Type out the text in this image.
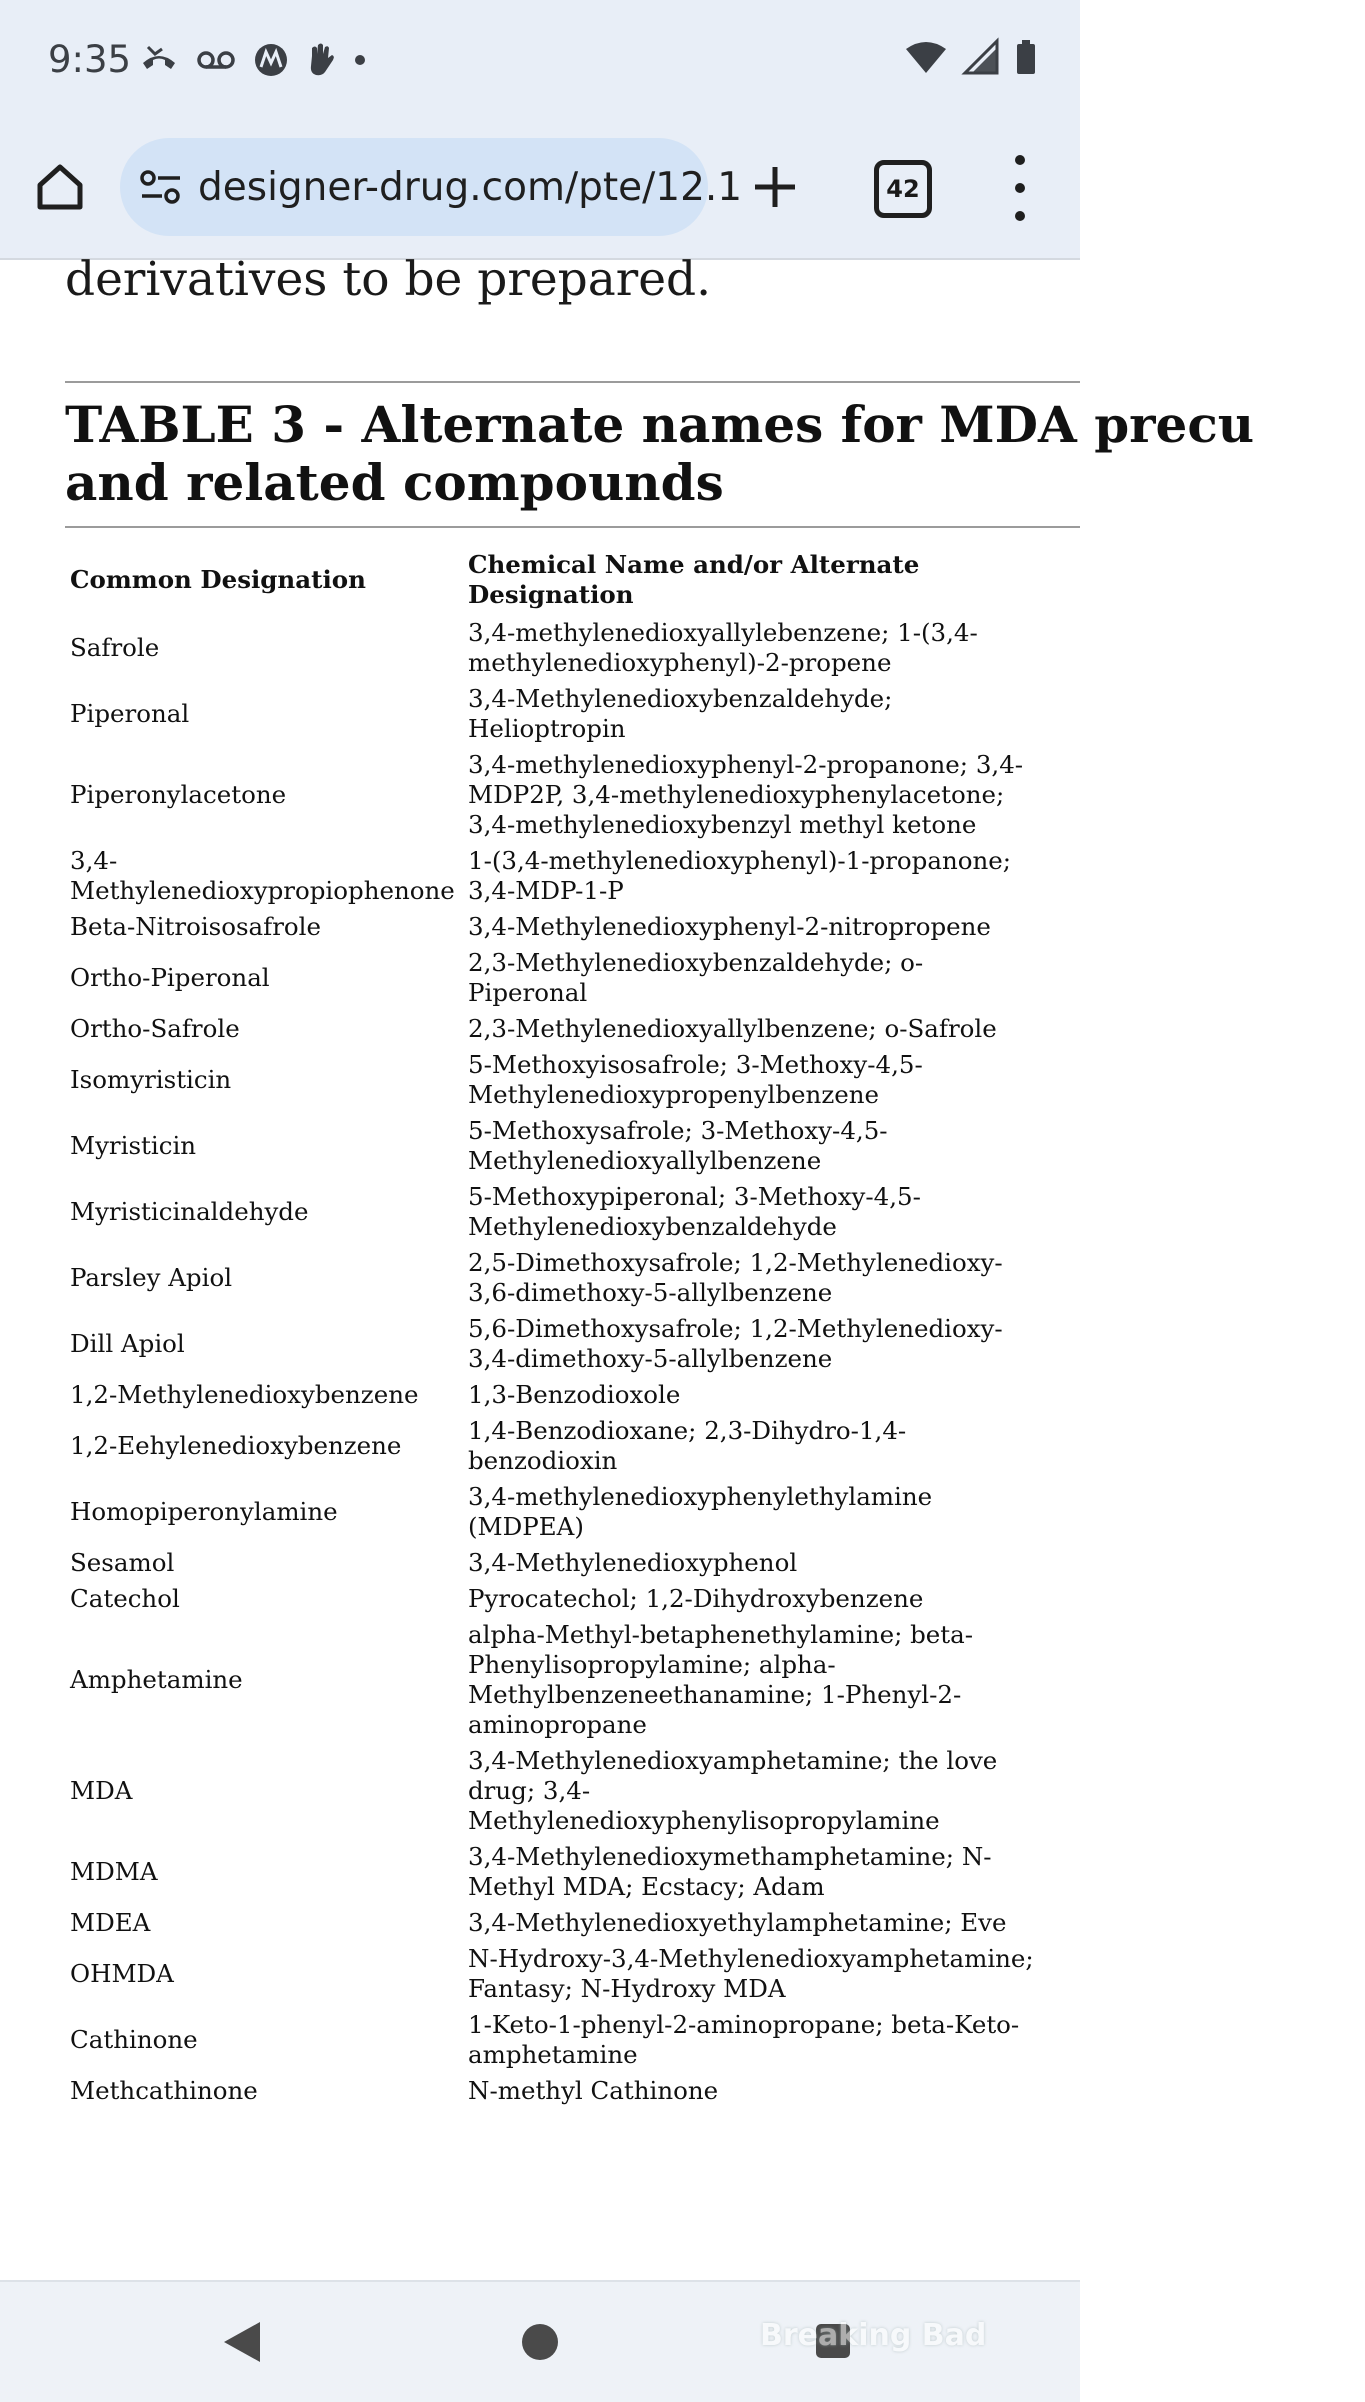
9:35
designer-drug.com/pte/12.1	42
derivatives to be prepared.
TABLE 3 - Alternate names for MDA precu
and related compounds
Common Designation	Chemical Name and/or Alternate Designation
Safrole	3,4-methylenedioxyallylebenzene; 1-(3,4-methylenedioxyphenyl)-2-propene
Piperonal	3,4-Methylenedioxybenzaldehyde; Helioptropin
Piperonylacetone	3,4-methylenedioxyphenyl-2-propanone; 3,4-MDP2P, 3,4-methylenedioxyphenylacetone; 3,4-methylenedioxybenzyl methyl ketone
3,4-Methylenedioxypropiophenone	1-(3,4-methylenedioxyphenyl)-1-propanone; 3,4-MDP-1-P
Beta-Nitroisosafrole	3,4-Methylenedioxyphenyl-2-nitropropene
Ortho-Piperonal	2,3-Methylenedioxybenzaldehyde; o-Piperonal
Ortho-Safrole	2,3-Methylenedioxyallylbenzene; o-Safrole
Isomyristicin	5-Methoxyisosafrole; 3-Methoxy-4,5-Methylenedioxypropenylbenzene
Myristicin	5-Methoxysafrole; 3-Methoxy-4,5-Methylenedioxyallylbenzene
Myristicinaldehyde	5-Methoxypiperonal; 3-Methoxy-4,5-Methylenedioxybenzaldehyde
Parsley Apiol	2,5-Dimethoxysafrole; 1,2-Methylenedioxy-3,6-dimethoxy-5-allylbenzene
Dill Apiol	5,6-Dimethoxysafrole; 1,2-Methylenedioxy-3,4-dimethoxy-5-allylbenzene
1,2-Methylenedioxybenzene	1,3-Benzodioxole
1,2-Eehylenedioxybenzene	1,4-Benzodioxane; 2,3-Dihydro-1,4-benzodioxin
Homopiperonylamine	3,4-methylenedioxyphenylethylamine (MDPEA)
Sesamol	3,4-Methylenedioxyphenol
Catechol	Pyrocatechol; 1,2-Dihydroxybenzene
Amphetamine	alpha-Methyl-betaphenethylamine; beta-Phenylisopropylamine; alpha-Methylbenzeneethanamine; 1-Phenyl-2-aminopropane
MDA	3,4-Methylenedioxyamphetamine; the love drug; 3,4-Methylenedioxyphenylisopropylamine
MDMA	3,4-Methylenedioxymethamphetamine; N-Methyl MDA; Ecstacy; Adam
MDEA	3,4-Methylenedioxyethylamphetamine; Eve
OHMDA	N-Hydroxy-3,4-Methylenedioxyamphetamine; Fantasy; N-Hydroxy MDA
Cathinone	1-Keto-1-phenyl-2-aminopropane; beta-Keto-amphetamine
Methcathinone	N-methyl Cathinone
Breaking Bad
